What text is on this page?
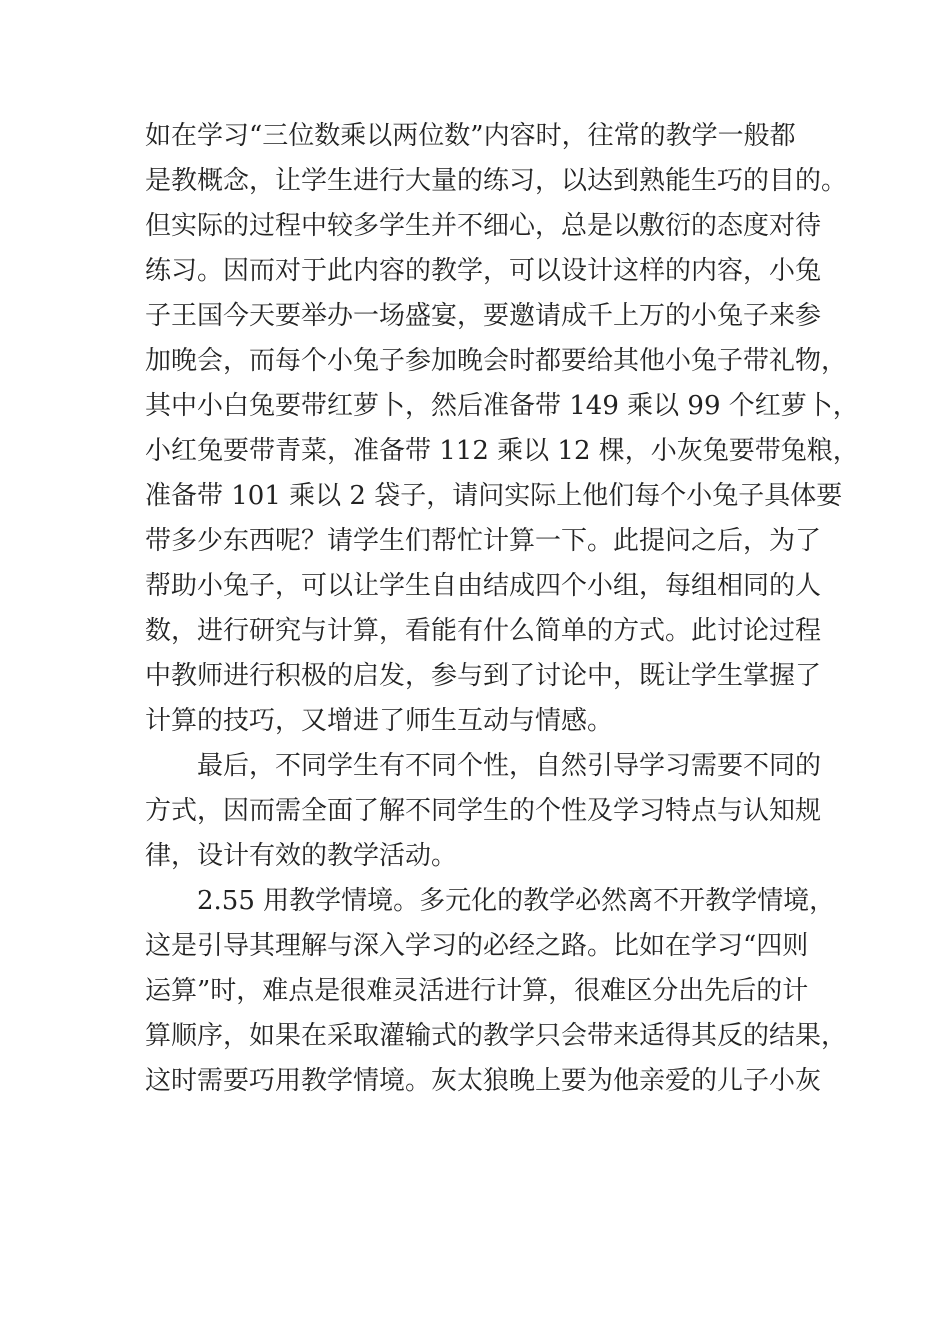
如在学习“三位数乘以两位数”内容时，往常的教学一般都
是教概念，让学生进行大量的练习，以达到熟能生巧的目的。
但实际的过程中较多学生并不细心，总是以敷衍的态度对待
练习。因而对于此内容的教学，可以设计这样的内容，小兔
子王国今天要举办一场盛宴，要邀请成千上万的小兔子来参
加晚会，而每个小兔子参加晚会时都要给其他小兔子带礼物，
其中小白兔要带红萝卜，然后准备带 149 乘以 99 个红萝卜，
小红兔要带青菜，准备带 112 乘以 12 棵，小灰兔要带兔粮，
准备带 101 乘以 2 袋子，请问实际上他们每个小兔子具体要
带多少东西呢？请学生们帮忙计算一下。此提问之后，为了
帮助小兔子，可以让学生自由结成四个小组，每组相同的人
数，进行研究与计算，看能有什么简单的方式。此讨论过程
中教师进行积极的启发，参与到了讨论中，既让学生掌握了
计算的技巧，又增进了师生互动与情感。
最后，不同学生有不同个性，自然引导学习需要不同的
方式，因而需全面了解不同学生的个性及学习特点与认知规
律，设计有效的教学活动。
2.55 用教学情境。多元化的教学必然离不开教学情境，
这是引导其理解与深入学习的必经之路。比如在学习“四则
运算”时，难点是很难灵活进行计算，很难区分出先后的计
算顺序，如果在采取灌输式的教学只会带来适得其反的结果，
这时需要巧用教学情境。灰太狼晚上要为他亲爱的儿子小灰
